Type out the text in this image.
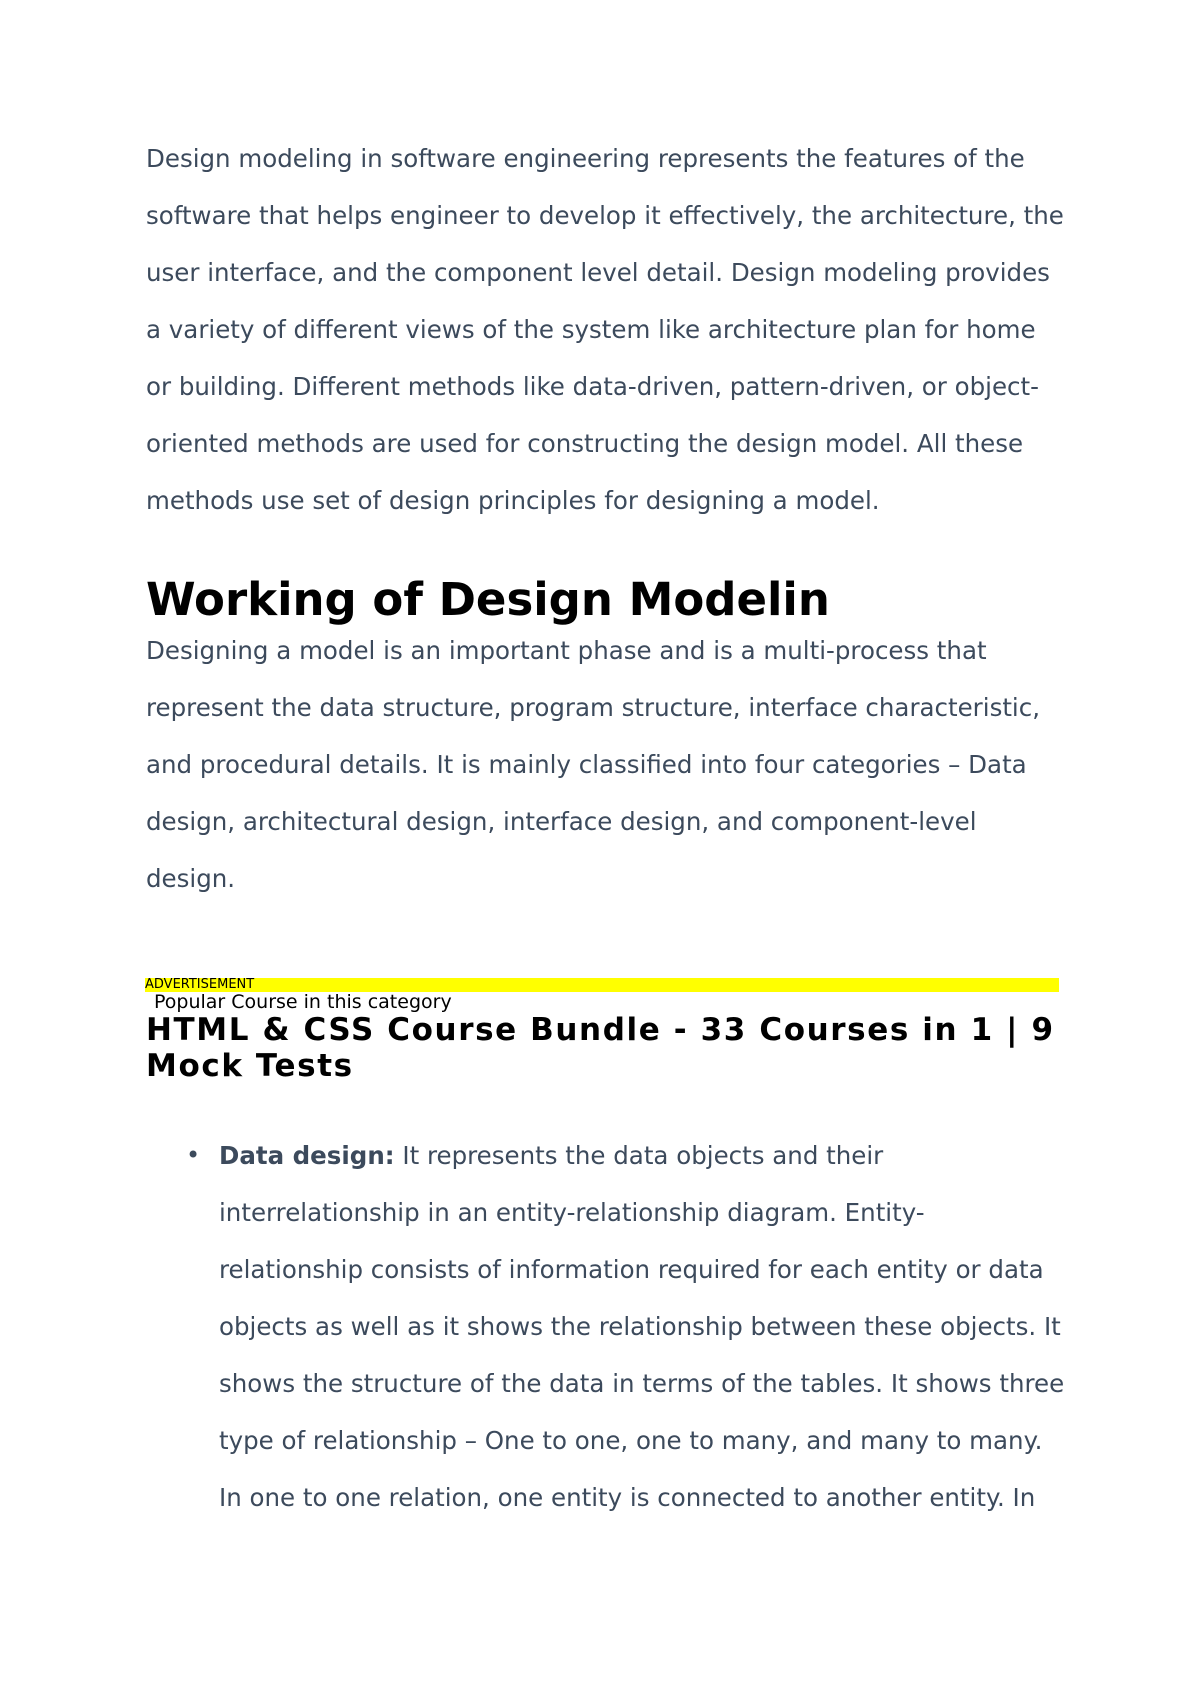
Design modeling in software engineering represents the features of the
software that helps engineer to develop it effectively, the architecture, the
user interface, and the component level detail. Design modeling provides
a variety of different views of the system like architecture plan for home
or building. Different methods like data-driven, pattern-driven, or object-
oriented methods are used for constructing the design model. All these
methods use set of design principles for designing a model.
Working of Design Modelin
Designing a model is an important phase and is a multi-process that
represent the data structure, program structure, interface characteristic,
and procedural details. It is mainly classified into four categories – Data
design, architectural design, interface design, and component-level
design.
ADVERTISEMENT
Popular Course in this category
HTML & CSS Course Bundle - 33 Courses in 1 | 9 Mock Tests
• Data design: It represents the data objects and their
interrelationship in an entity-relationship diagram. Entity-
relationship consists of information required for each entity or data
objects as well as it shows the relationship between these objects. It
shows the structure of the data in terms of the tables. It shows three
type of relationship – One to one, one to many, and many to many.
In one to one relation, one entity is connected to another entity. In
